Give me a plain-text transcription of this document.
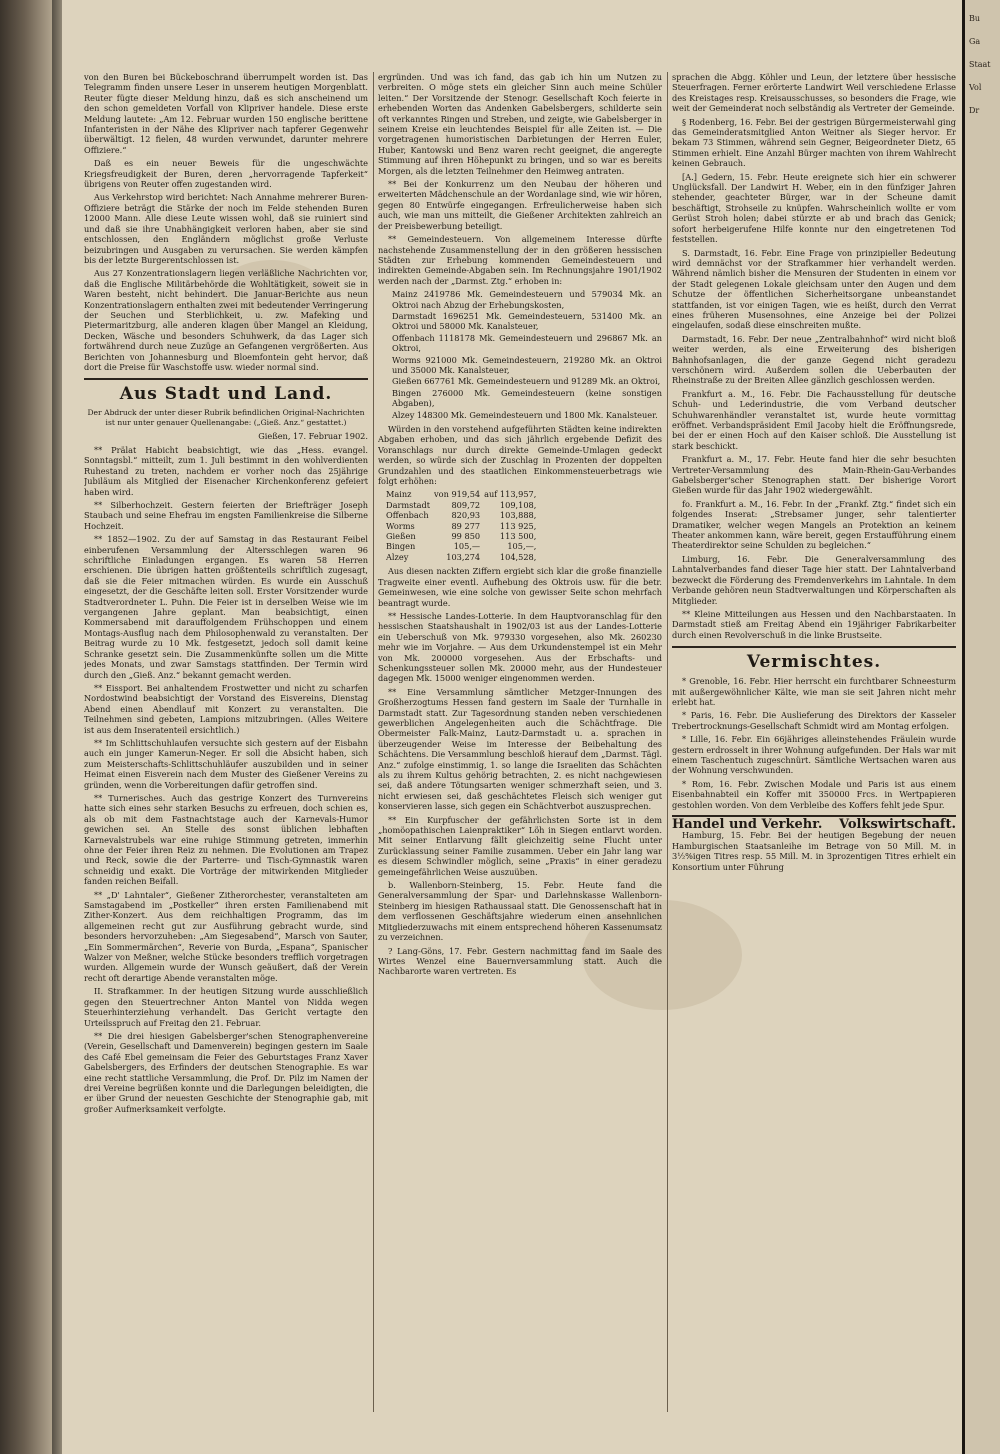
von den Buren bei Bückeboschrand überrumpelt worden ist. Das Telegramm finden unsere Leser in unserem heutigen Morgenblatt. Reuter fügte dieser Meldung hinzu, daß es sich anscheinend um den schon gemeldeten Vorfall von Klipriver handele. Diese erste Meldung lautete: „Am 12. Februar wurden 150 englische berittene Infanteristen in der Nähe des Klipriver nach tapferer Gegenwehr überwältigt. 12 fielen, 48 wurden verwundet, darunter mehrere Offiziere.“

Daß es ein neuer Beweis für die ungeschwächte Kriegsfreudigkeit der Buren, deren „hervorragende Tapferkeit“ übrigens von Reuter offen zugestanden wird.

Aus Verkehrstop wird berichtet: Nach Annahme mehrerer Buren-Offiziere beträgt die Stärke der noch im Felde stehenden Buren 12000 Mann. Alle diese Leute wissen wohl, daß sie ruiniert sind und daß sie ihre Unabhängigkeit verloren haben, aber sie sind entschlossen, den Engländern möglichst große Verluste beizubringen und Ausgaben zu verursachen. Sie werden kämpfen bis der letzte Burgerentschlossen ist.

Aus 27 Konzentrationslagern liegen verläßliche Nachrichten vor, daß die Englische Militärbehörde die Wohltätigkeit, soweit sie in Waren besteht, nicht behindert. Die Januar-Berichte aus neun Konzentrationslagern enthalten zwei mit bedeutender Verringerung der Seuchen und Sterblichkeit, u. zw. Mafeking und Pietermaritzburg, alle anderen klagen über Mangel an Kleidung, Decken, Wäsche und besonders Schuhwerk, da das Lager sich fortwährend durch neue Zuzüge an Gefangenen vergrößerten. Aus Berichten von Johannesburg und Bloemfontein geht hervor, daß dort die Preise für Waschstoffe usw. wieder normal sind.

Aus Stadt und Land.
Der Abdruck der unter dieser Rubrik befindlichen Original-Nachrichten ist nur unter genauer Quellenangabe: („Gieß. Anz.“ gestattet.)
Gießen, 17. Februar 1902.

** Prälat Habicht beabsichtigt, wie das „Hess. evangel. Sonntagsbl.“ mitteilt, zum 1. Juli bestimmt in den wohlverdienten Ruhestand zu treten, nachdem er vorher noch das 25jährige Jubiläum als Mitglied der Eisenacher Kirchenkonferenz gefeiert haben wird.

** Silberhochzeit. Gestern feierten der Briefträger Joseph Staubach und seine Ehefrau im engsten Familienkreise die Silberne Hochzeit.

** 1852—1902. Zu der auf Samstag in das Restaurant Feibel einberufenen Versammlung der Altersschlegen waren 96 schriftliche Einladungen ergangen. Es waren 58 Herren erschienen. Die übrigen hatten größtenteils schriftlich zugesagt, daß sie die Feier mitmachen würden. Es wurde ein Ausschuß eingesetzt, der die Geschäfte leiten soll. Erster Vorsitzender wurde Stadtverordneter L. Puhn. Die Feier ist in derselben Weise wie im vergangenen Jahre geplant. Man beabsichtigt, einen Kommersabend mit darauffolgendem Frühschoppen und einem Montags-Ausflug nach dem Philosophenwald zu veranstalten. Der Beitrag wurde zu 10 Mk. festgesetzt, jedoch soll damit keine Schranke gesetzt sein. Die Zusammenkünfte sollen um die Mitte jedes Monats, und zwar Samstags stattfinden. Der Termin wird durch den „Gieß. Anz.“ bekannt gemacht werden.

** Eissport. Bei anhaltendem Frostwetter und nicht zu scharfen Nordostwind beabsichtigt der Vorstand des Eisvereins, Dienstag Abend einen Abendlauf mit Konzert zu veranstalten. Die Teilnehmen sind gebeten, Lampions mitzubringen. (Alles Weitere ist aus dem Inseratenteil ersichtlich.)

** Im Schlittschuhlaufen versuchte sich gestern auf der Eisbahn auch ein junger Kamerun-Neger. Er soll die Absicht haben, sich zum Meisterschafts-Schlittschuhläufer auszubilden und in seiner Heimat einen Eisverein nach dem Muster des Gießener Vereins zu gründen, wenn die Vorbereitungen dafür getroffen sind.

** Turnerisches. Auch das gestrige Konzert des Turnvereins hatte sich eines sehr starken Besuchs zu erfreuen, doch schien es, als ob mit dem Fastnachtstage auch der Karnevals-Humor gewichen sei. An Stelle des sonst üblichen lebhaften Karnevalstrubels war eine ruhige Stimmung getreten, immerhin ohne der Feier ihren Reiz zu nehmen. Die Evolutionen am Trapez und Reck, sowie die der Parterre- und Tisch-Gymnastik waren schneidig und exakt. Die Vorträge der mitwirkenden Mitglieder fanden reichen Beifall.

** „D' Lahntaler“, Gießener Zitherorchester, veranstalteten am Samstagabend im „Postkeller“ ihren ersten Familienabend mit Zither-Konzert. Aus dem reichhaltigen Programm, das im allgemeinen recht gut zur Ausführung gebracht wurde, sind besonders hervorzuheben: „Am Siegesabend“, Marsch von Sauter, „Ein Sommermärchen“, Reverie von Burda, „Espana“, Spanischer Walzer von Meßner, welche Stücke besonders trefflich vorgetragen wurden. Allgemein wurde der Wunsch geäußert, daß der Verein recht oft derartige Abende veranstalten möge.

II. Strafkammer. In der heutigen Sitzung wurde ausschließlich gegen den Steuertrechner Anton Mantel von Nidda wegen Steuerhinterziehung verhandelt. Das Gericht vertagte den Urteilsspruch auf Freitag den 21. Februar.

** Die drei hiesigen Gabelsberger'schen Stenographenvereine (Verein, Gesellschaft und Damenverein) begingen gestern im Saale des Café Ebel gemeinsam die Feier des Geburtstages Franz Xaver Gabelsbergers, des Erfinders der deutschen Stenographie. Es war eine recht stattliche Versammlung, die Prof. Dr. Pilz im Namen der drei Vereine begrüßen konnte und die Darlegungen beleidigten, die er über Grund der neuesten Geschichte der Stenographie gab, mit großer Aufmerksamkeit verfolgte.

ergründen. Und was ich fand, das gab ich hin um Nutzen zu verbreiten. O möge stets ein gleicher Sinn auch meine Schüler leiten.“ Der Vorsitzende der Stenogr. Gesellschaft Koch feierte in erhebenden Worten das Andenken Gabelsbergers, schilderte sein oft verkanntes Ringen und Streben, und zeigte, wie Gabelsberger in seinem Kreise ein leuchtendes Beispiel für alle Zeiten ist. — Die vorgetragenen humoristischen Darbietungen der Herren Euler, Huber, Kantowski und Benz waren recht geeignet, die angeregte Stimmung auf ihren Höhepunkt zu bringen, und so war es bereits Morgen, als die letzten Teilnehmer den Heimweg antraten.

** Bei der Konkurrenz um den Neubau der höheren und erweiterten Mädchenschule an der Wordanlage sind, wie wir hören, gegen 80 Entwürfe eingegangen. Erfreulicherweise haben sich auch, wie man uns mitteilt, die Gießener Architekten zahlreich an der Preisbewerbung beteiligt.

** Gemeindesteuern. Von allgemeinem Interesse dürfte nachstehende Zusammenstellung der in den größeren hessischen Städten zur Erhebung kommenden Gemeindesteuern und indirekten Gemeinde-Abgaben sein. Im Rechnungsjahre 1901/1902 werden nach der „Darmst. Ztg.“ erhoben in:

Mainz 2419786 Mk. Gemeindesteuern und 579034 Mk. an Oktroi nach Abzug der Erhebungskosten,
Darmstadt 1696251 Mk. Gemeindesteuern, 531400 Mk. an Oktroi und 58000 Mk. Kanalsteuer,
Offenbach 1118178 Mk. Gemeindesteuern und 296867 Mk. an Oktroi,
Worms 921000 Mk. Gemeindesteuern, 219280 Mk. an Oktroi und 35000 Mk. Kanalsteuer,
Gießen 667761 Mk. Gemeindesteuern und 91289 Mk. an Oktroi,
Bingen 276000 Mk. Gemeindesteuern (keine sonstigen Abgaben),
Alzey 148300 Mk. Gemeindesteuern und 1800 Mk. Kanalsteuer.

Würden in den vorstehend aufgeführten Städten keine indirekten Abgaben erhoben, und das sich jährlich ergebende Defizit des Voranschlags nur durch direkte Gemeinde-Umlagen gedeckt werden, so würde sich der Zuschlag in Prozenten der doppelten Grundzahlen und des staatlichen Einkommensteuerbetrags wie folgt erhöhen:

Mainz	von 919,54	auf 113,957,
Darmstadt	809,72	109,108,
Offenbach	820,93	103,888,
Worms	89 277	113 925,
Gießen	99 850	113 500,
Bingen	105,—	105,—,
Alzey	103,274	104,528,

Aus diesen nackten Ziffern ergiebt sich klar die große finanzielle Tragweite einer eventl. Aufhebung des Oktrois usw. für die betr. Gemeinwesen, wie eine solche von gewisser Seite schon mehrfach beantragt wurde.

** Hessische Landes-Lotterie. In dem Hauptvoranschlag für den hessischen Staatshaushalt in 1902/03 ist aus der Landes-Lotterie ein Ueberschuß von Mk. 979330 vorgesehen, also Mk. 260230 mehr wie im Vorjahre. — Aus dem Urkundenstempel ist ein Mehr von Mk. 200000 vorgesehen. Aus der Erbschafts- und Schenkungssteuer sollen Mk. 20000 mehr, aus der Hundesteuer dagegen Mk. 15000 weniger eingenommen werden.

** Eine Versammlung sämtlicher Metzger-Innungen des Großherzogtums Hessen fand gestern im Saale der Turnhalle in Darmstadt statt. Zur Tagesordnung standen neben verschiedenen gewerblichen Angelegenheiten auch die Schächtfrage. Die Obermeister Falk-Mainz, Lautz-Darmstadt u. a. sprachen in überzeugender Weise im Interesse der Beibehaltung des Schächtens. Die Versammlung beschloß hierauf dem „Darmst. Tägl. Anz.“ zufolge einstimmig, 1. so lange die Israeliten das Schächten als zu ihrem Kultus gehörig betrachten, 2. es nicht nachgewiesen sei, daß andere Tötungsarten weniger schmerzhaft seien, und 3. nicht erwiesen sei, daß geschächtetes Fleisch sich weniger gut konservieren lasse, sich gegen ein Schächtverbot auszusprechen.

** Ein Kurpfuscher der gefährlichsten Sorte ist in dem „homöopathischen Laienpraktiker“ Löh in Siegen entlarvt worden. Mit seiner Entlarvung fällt gleichzeitig seine Flucht unter Zurücklassung seiner Familie zusammen. Ueber ein Jahr lang war es diesem Schwindler möglich, seine „Praxis“ in einer geradezu gemeingefährlichen Weise auszuüben.

b. Wallenborn-Steinberg, 15. Febr. Heute fand die Generalversammlung der Spar- und Darlehnskasse Wallenborn-Steinberg im hiesigen Rathaussaal statt. Die Genossenschaft hat in dem verflossenen Geschäftsjahre wiederum einen ansehnlichen Mitgliederzuwachs mit einem entsprechend höheren Kassenumsatz zu verzeichnen.

? Lang-Göns, 17. Febr. Gestern nachmittag fand im Saale des Wirtes Wenzel eine Bauernversammlung statt. Auch die Nachbarorte waren vertreten. Es

sprachen die Abgg. Köhler und Leun, der letztere über hessische Steuerfragen. Ferner erörterte Landwirt Weil verschiedene Erlasse des Kreistages resp. Kreisausschusses, so besonders die Frage, wie weit der Gemeinderat noch selbständig als Vertreter der Gemeinde.

§ Rodenberg, 16. Febr. Bei der gestrigen Bürgermeisterwahl ging das Gemeinderatsmitglied Anton Weitner als Sieger hervor. Er bekam 73 Stimmen, während sein Gegner, Beigeordneter Dietz, 65 Stimmen erhielt. Eine Anzahl Bürger machten von ihrem Wahlrecht keinen Gebrauch.

[A.] Gedern, 15. Febr. Heute ereignete sich hier ein schwerer Unglücksfall. Der Landwirt H. Weber, ein in den fünfziger Jahren stehender, geachteter Bürger, war in der Scheune damit beschäftigt, Strohseile zu knüpfen. Wahrscheinlich wollte er vom Gerüst Stroh holen; dabei stürzte er ab und brach das Genick; sofort herbeigerufene Hilfe konnte nur den eingetretenen Tod feststellen.

S. Darmstadt, 16. Febr. Eine Frage von prinzipieller Bedeutung wird demnächst vor der Strafkammer hier verhandelt werden. Während nämlich bisher die Mensuren der Studenten in einem vor der Stadt gelegenen Lokale gleichsam unter den Augen und dem Schutze der öffentlichen Sicherheitsorgane unbeanstandet stattfanden, ist vor einigen Tagen, wie es heißt, durch den Verrat eines früheren Musensohnes, eine Anzeige bei der Polizei eingelaufen, sodaß diese einschreiten mußte.

Darmstadt, 16. Febr. Der neue „Zentralbahnhof“ wird nicht bloß weiter werden, als eine Erweiterung des bisherigen Bahnhofsanlagen, die der ganze Gegend nicht geradezu verschönern wird. Außerdem sollen die Ueberbauten der Rheinstraße zu der Breiten Allee gänzlich geschlossen werden.

Frankfurt a. M., 16. Febr. Die Fachausstellung für deutsche Schuh- und Lederindustrie, die vom Verband deutscher Schuhwarenhändler veranstaltet ist, wurde heute vormittag eröffnet. Verbandspräsident Emil Jacoby hielt die Eröffnungsrede, bei der er einen Hoch auf den Kaiser schloß. Die Ausstellung ist stark beschickt.

Frankfurt a. M., 17. Febr. Heute fand hier die sehr besuchten Vertreter-Versammlung des Main-Rhein-Gau-Verbandes Gabelsberger'scher Stenographen statt. Der bisherige Vorort Gießen wurde für das Jahr 1902 wiedergewählt.

fo. Frankfurt a. M., 16. Febr. In der „Frankf. Ztg.“ findet sich ein folgendes Inserat: „Strebsamer junger, sehr talentierter Dramatiker, welcher wegen Mangels an Protektion an keinem Theater ankommen kann, wäre bereit, gegen Erstaufführung einem Theaterdirektor seine Schulden zu begleichen.“

Limburg, 16. Febr. Die Generalversammlung des Lahntalverbandes fand dieser Tage hier statt. Der Lahntalverband bezweckt die Förderung des Fremdenverkehrs im Lahntale. In dem Verbande gehören neun Stadtverwaltungen und Körperschaften als Mitglieder.

** Kleine Mitteilungen aus Hessen und den Nachbarstaaten. In Darmstadt stieß am Freitag Abend ein 19jähriger Fabrikarbeiter durch einen Revolverschuß in die linke Brustseite.

Vermischtes.

* Grenoble, 16. Febr. Hier herrscht ein furchtbarer Schneesturm mit außergewöhnlicher Kälte, wie man sie seit Jahren nicht mehr erlebt hat.

* Paris, 16. Febr. Die Auslieferung des Direktors der Kasseler Trebertrocknungs-Gesellschaft Schmidt wird am Montag erfolgen.

* Lille, 16. Febr. Ein 66jähriges alleinstehendes Fräulein wurde gestern erdrosselt in ihrer Wohnung aufgefunden. Der Hals war mit einem Taschentuch zugeschnürt. Sämtliche Wertsachen waren aus der Wohnung verschwunden.

* Rom, 16. Febr. Zwischen Modale und Paris ist aus einem Eisenbahnabteil ein Koffer mit 350000 Frcs. in Wertpapieren gestohlen worden. Von dem Verbleibe des Koffers fehlt jede Spur.

Handel und Verkehr. Volkswirtschaft.

Hamburg, 15. Febr. Bei der heutigen Begebung der neuen Hamburgischen Staatsanleihe im Betrage von 50 Mill. M. in 3½%igen Titres resp. 55 Mill. M. in 3prozentigen Titres erhielt ein Konsortium unter Führung

Bu
Ga
Staat
Vol
Dr
